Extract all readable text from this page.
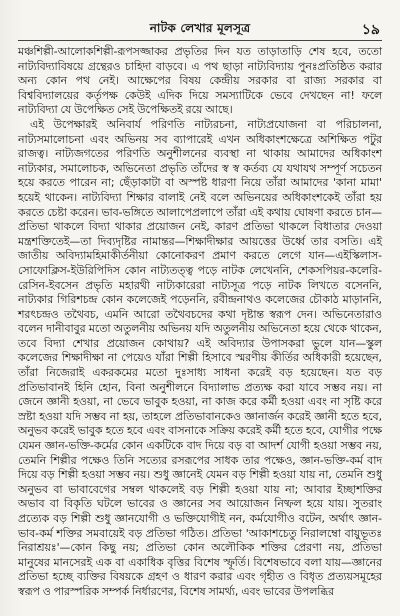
নাটক লেখার মূলসূত্র	১৯

মঞ্চশিল্পী-আলোকশিল্পী-রূপসজ্জাকর প্রভৃতির দিন যত তাড়াতাড়ি শেষ হবে, ততো নাট্যবিদ্যাবিষয়ে গ্রন্থেরও চাহিদা বাড়বে। এ পথ ছাড়া নাট্যবিদ্যায় পুনঃপ্রতিষ্ঠিত করার অন্য কোন পথ নেই। আক্ষেপের বিষয় কেন্দ্রীয় সরকার বা রাজ্য সরকার বা বিশ্ববিদ্যালয়ের কর্তৃপক্ষ কেউই এদিক দিয়ে সমস্যাটিকে ভেবে দেখছেন না! ফলে নাট্যবিদ্যা যে উপেক্ষিত সেই উপেক্ষিতই রয়ে আছে।

এই উপেক্ষারই অনিবার্য পরিণতি নাট্যরচনা, নাট্যপ্রযোজনা বা পরিচালনা, নাট্যসমালোচনা এবং অভিনয় সব ব্যাপারেই এখন অধিকাংশক্ষেত্রে অশিক্ষিত পটুর রাজত্ব। নাট্যজগতের পরিণতি অনুশীলনের ব্যবস্থা না থাকায় আমাদের অধিকাংশ নাট্যকার, সমালোচক, অভিনেতা প্রভৃতি তাঁদের স্ব স্ব কর্তব্য যে যথাযথ সম্পূর্ণ সচেতন হয়ে করতে পারেন না; ছেঁড়াকাটা বা অস্পষ্ট ধারণা নিয়ে তাঁরা আমাদের 'কানা মামা' হয়েই থাকেন। নাট্যবিদ্যা শিক্ষার বালাই নেই বলে অভিনয়ের অধিকাংশকেই তাঁরা হয় করতে চেষ্টা করেন। ভাব-ভঙ্গিতে আলাপেপ্রলাপে তাঁরা এই কথায় ঘোষণা করতে চান—প্রতিভা থাকলে বিদ্যা থাকার প্রয়োজন নেই, কারণ প্রতিভা থাকলে বিধাতার দেওয়া মন্ত্রশক্তিতেই—তা দিব্যদৃষ্টির নামান্তর—শিক্ষাদীক্ষার আয়ত্তের উর্ধ্বে তার বসতি। এই জাতীয় অবিদ্যামহিমাকীর্তনীয়া কোনোকরণ প্রমাণ করতে লেগে যান—এইস্কিলাস-সোফোক্লিস-ইউরিপিদিস কোন নাট্যতত্ত্ব পড়ে নাটক লেখেননি, শেকসপিয়র-কলেরি-রেসিন-ইবসেন প্রভৃতি মহারথী নাট্যকারেরা নাট্যসূত্র পড়ে নাটক লিখতে বসেননি, নাট্যকার গিরিশচন্দ্র কোন কলেজেই পড়েননি, রবীন্দ্রনাথও কলেজের চৌকাঠ মাড়াননি, শরৎচন্দ্রও তথৈবচ, এমনি আরো তথৈবচদের কথা দৃষ্টান্ত স্বরূপ দেন। অভিনেতারাও বলেন দানীবাবুর মতো অতুলনীয় অভিনয় যদি অতুলনীয় অভিনেতা হয়ে থেকে থাকেন, তবে বিদ্যা শেখার প্রয়োজন কোথায়? এই অবিদ্যার উপাসকরা ভুলে যান—স্কুল কলেজের শিক্ষাদীক্ষা না পেয়েও যাঁরা শিল্পী হিসাবে স্মরণীয় কীর্তির অধিকারী হয়েছেন, তাঁরা নিজেরাই একরকমের মতো দুঃসাধ্য সাধনা করেই বড় হয়েছেন। যত বড় প্রতিভাবানই হিনি হোন, বিনা অনুশীলনে বিদ্যালাভ প্রত্যক্ষ করা যাবে সম্ভব নয়। না জেনে জ্ঞানী হওয়া, না ভেবে ভাবুক হওয়া, না কাজ করে কর্মী হওয়া এবং না সৃষ্টি করে স্রষ্টা হওয়া যদি সম্ভব না হয়, তাহলে প্রতিভাবানকেও জ্ঞানার্জন করেই জ্ঞানী হতে হবে, অনুভব করেই ভাবুক হতে হবে এবং বাসনাকে সক্রিয় করেই কর্মী হতে হবে, যোগীর পক্ষে যেমন জ্ঞান-ভক্তি-কর্মের কোন একটিকে বাদ দিয়ে বড় বা আদর্শ যোগী হওয়া সম্ভব নয়, তেমনি শিল্পীর পক্ষেও তিনি সত্যের রসরূপের সাধক তার পক্ষেও, জ্ঞান-ভক্তি-কর্ম বাদ দিয়ে বড় শিল্পী হওয়া সম্ভব নয়। শুধু জ্ঞানেই যেমন বড় শিল্পী হওয়া যায় না, তেমনি শুধু অনুভব বা ভাবাবেগের সম্বল থাকলেই বড় শিল্পী হওয়া যায় না; আবার ইচ্ছাশক্তির অভাব বা বিকৃতি ঘটলে ভাবের ও জ্ঞানের সব আয়োজন নিষ্ফল হয়ে যায়। সুতরাং প্রত্যেক বড় শিল্পী শুধু জ্ঞানযোগী ও ভক্তিযোগীই নন, কর্মযোগীও বটেন, অর্থাৎ জ্ঞান-ভাব-কর্ম শক্তির সমবায়েই বড় প্রতিভা গঠিত। প্রতিভা 'আকাশচেতু নিরালম্বো বায়ুভূতঃ নিরাশ্রয়ঃ'—কোন কিছু নয়; প্রতিভা কোন অলৌকিক শক্তির প্রেরণা নয়, প্রতিভা মানুষের মানসেরই এক বা একাধিক বৃত্তির বিশেষ স্ফূর্তি। বিশেষভাবে বলা যায়—জ্ঞানের প্রতিভা হচ্ছে ব্যক্তির বিষয়কে গ্রহণ ও ধারণ করার এবং গৃহীত ও বিধৃত প্রত্যয়সমূহের স্বরূপ ও পারস্পরিক সম্পর্ক নির্ধারণের, বিশেষ সামর্থ্য, এবং ভাবের উপলব্ধির
